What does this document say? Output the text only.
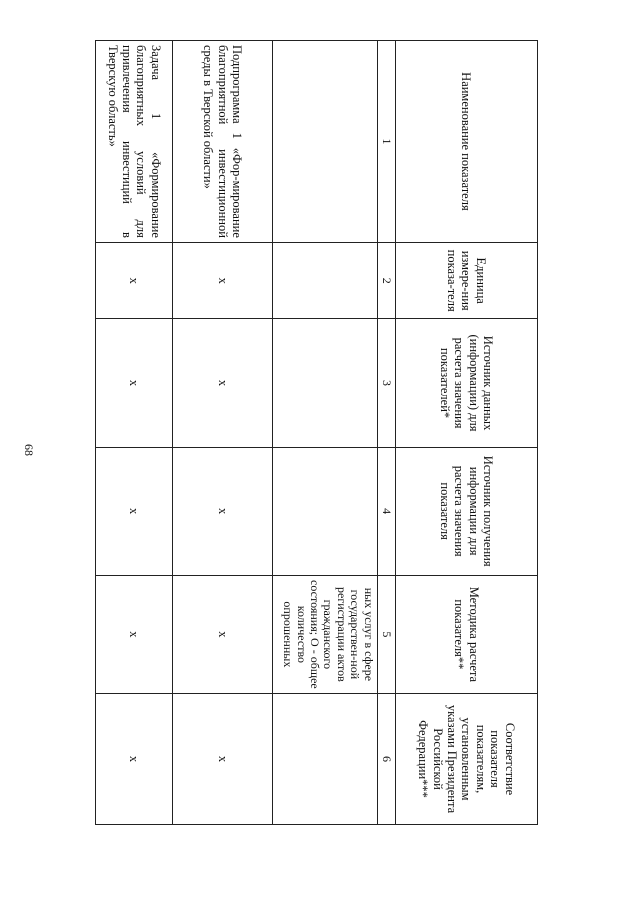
68
Наименование показателя	Единица измере-ния показа-теля	Источник данных (информации) для расчета значения показателей*	Источник получения информации для расчета значения показателя	Методика расчета показателя**	Соответствие показателя показателям, установленным указами Президента Российской Федерации***
1	2	3	4	5	6
				ных услуг в сфере государствен-ной регистрации актов гражданского состояния; О - общее количество опрошенных	
Подпрограмма 1 «Фор-мирование благоприятной инвестиционной среды в Тверской области»	х	х	х	х	х
Задача 1 «Формирование благоприятных условий для привлечения инвестиций в Тверскую область»	х	х	х	х	х
